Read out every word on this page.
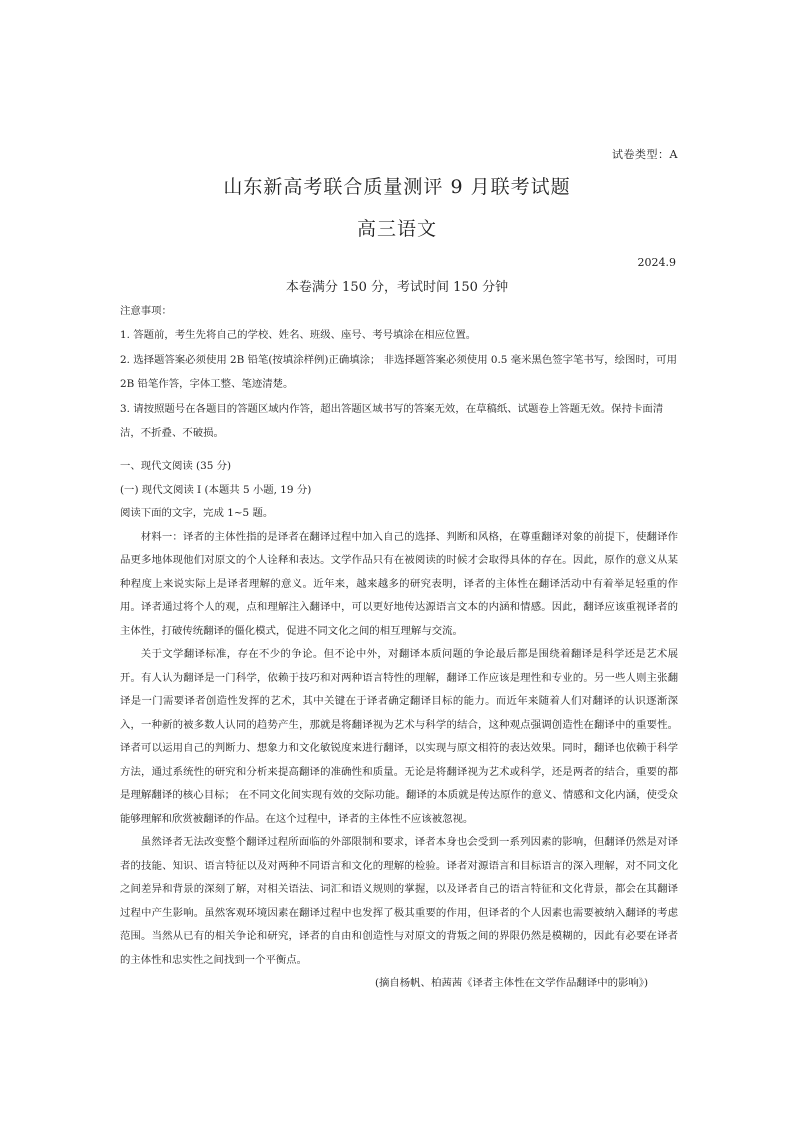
试卷类型：A
山东新高考联合质量测评 9 月联考试题
高三语文
2024.9
本卷满分 150 分，考试时间 150 分钟

注意事项：

1. 答题前，考生先将自己的学校、姓名、班级、座号、考号填涂在相应位置。

2. 选择题答案必须使用 2B 铅笔(按填涂样例)正确填涂； 非选择题答案必须使用 0.5 毫米黑色签字笔书写，绘图时，可用 2B 铅笔作答，字体工整、笔迹清楚。

3. 请按照题号在各题目的答题区域内作答，超出答题区域书写的答案无效，在草稿纸、试题卷上答题无效。保持卡面清洁，不折叠、不破损。

一、现代文阅读 (35 分)

(一) 现代文阅读 I (本题共 5 小题, 19 分)

阅读下面的文字，完成 1~5 题。

材料一：译者的主体性指的是译者在翻译过程中加入自己的选择、判断和风格，在尊重翻译对象的前提下，使翻译作品更多地体现他们对原文的个人诠释和表达。文学作品只有在被阅读的时候才会取得具体的存在。因此，原作的意义从某种程度上来说实际上是译者理解的意义。近年来，越来越多的研究表明，译者的主体性在翻译活动中有着举足轻重的作用。译者通过将个人的观，点和理解注入翻译中，可以更好地传达源语言文本的内涵和情感。因此，翻译应该重视译者的主体性，打破传统翻译的僵化模式，促进不同文化之间的相互理解与交流。

关于文学翻译标准，存在不少的争论。但不论中外，对翻译本质问题的争论最后都是围绕着翻译是科学还是艺术展开。有人认为翻译是一门科学，依赖于技巧和对两种语言特性的理解，翻译工作应该是理性和专业的。另一些人则主张翻译是一门需要译者创造性发挥的艺术，其中关键在于译者确定翻译目标的能力。而近年来随着人们对翻译的认识逐渐深入，一种新的被多数人认同的趋势产生，那就是将翻译视为艺术与科学的结合，这种观点强调创造性在翻译中的重要性。译者可以运用自己的判断力、想象力和文化敏锐度来进行翻译，以实现与原文相符的表达效果。同时，翻译也依赖于科学方法，通过系统性的研究和分析来提高翻译的准确性和质量。无论是将翻译视为艺术或科学，还是两者的结合，重要的都是理解翻译的核心目标； 在不同文化间实现有效的交际功能。翻译的本质就是传达原作的意义、情感和文化内涵，使受众能够理解和欣赏被翻译的作品。在这个过程中，译者的主体性不应该被忽视。

虽然译者无法改变整个翻译过程所面临的外部限制和要求，译者本身也会受到一系列因素的影响，但翻译仍然是对译者的技能、知识、语言特征以及对两种不同语言和文化的理解的检验。译者对源语言和目标语言的深入理解，对不同文化之间差异和背景的深刻了解，对相关语法、词汇和语义规则的掌握，以及译者自己的语言特征和文化背景，都会在其翻译过程中产生影响。虽然客观环境因素在翻译过程中也发挥了极其重要的作用，但译者的个人因素也需要被纳入翻译的考虑范围。当然从已有的相关争论和研究，译者的自由和创造性与对原文的背叛之间的界限仍然是模糊的，因此有必要在译者的主体性和忠实性之间找到一个平衡点。

(摘自杨帆、柏茜茜《译者主体性在文学作品翻译中的影响》)
